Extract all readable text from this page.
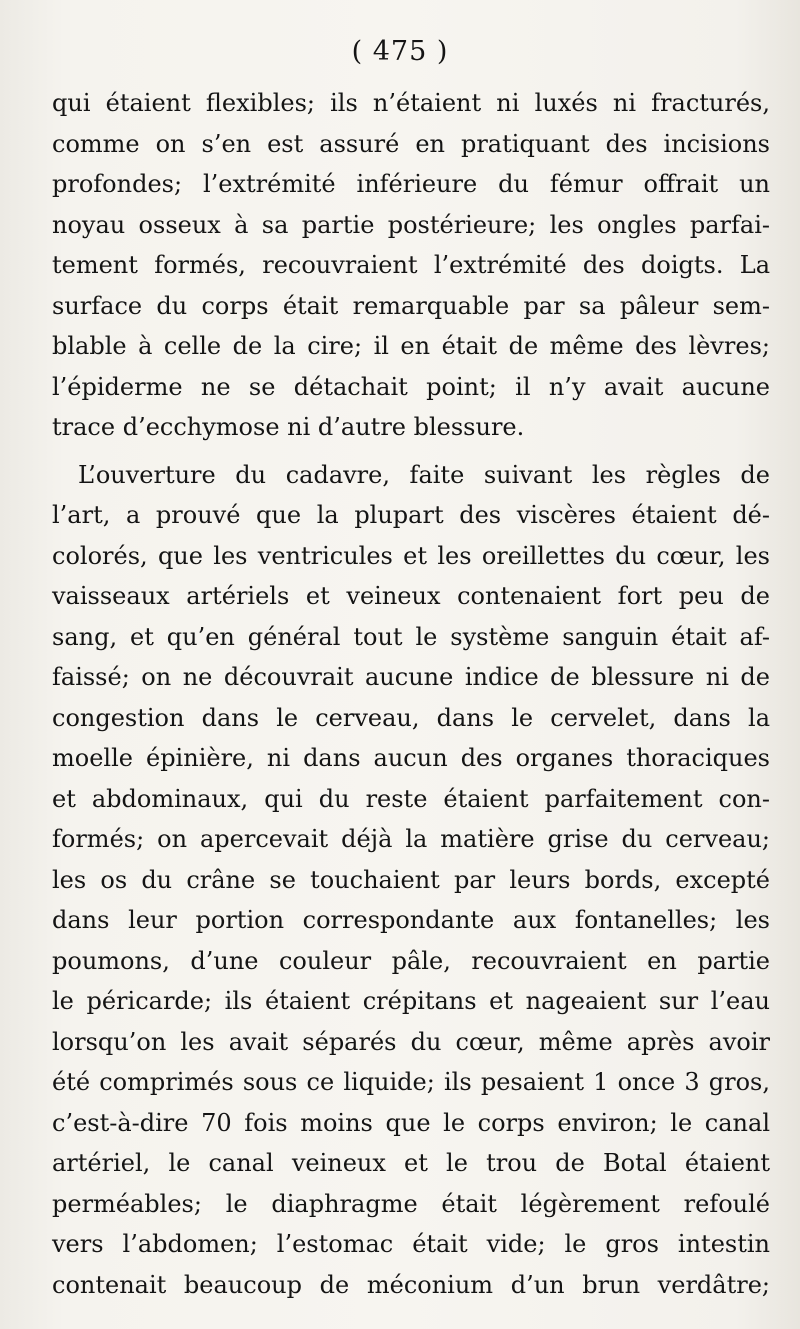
( 475 )
qui étaient flexibles; ils n’étaient ni luxés ni fracturés,
comme on s’en est assuré en pratiquant des incisions
profondes; l’extrémité inférieure du fémur offrait un
noyau osseux à sa partie postérieure; les ongles parfai-
tement formés, recouvraient l’extrémité des doigts. La
surface du corps était remarquable par sa pâleur sem-
blable à celle de la cire; il en était de même des lèvres;
l’épiderme ne se détachait point; il n’y avait aucune
trace d’ecchymose ni d’autre blessure.
L’ouverture du cadavre, faite suivant les règles de
l’art, a prouvé que la plupart des viscères étaient dé-
colorés, que les ventricules et les oreillettes du cœur, les
vaisseaux artériels et veineux contenaient fort peu de
sang, et qu’en général tout le système sanguin était af-
faissé; on ne découvrait aucune indice de blessure ni de
congestion dans le cerveau, dans le cervelet, dans la
moelle épinière, ni dans aucun des organes thoraciques
et abdominaux, qui du reste étaient parfaitement con-
formés; on apercevait déjà la matière grise du cerveau;
les os du crâne se touchaient par leurs bords, excepté
dans leur portion correspondante aux fontanelles; les
poumons, d’une couleur pâle, recouvraient en partie
le péricarde; ils étaient crépitans et nageaient sur l’eau
lorsqu’on les avait séparés du cœur, même après avoir
été comprimés sous ce liquide; ils pesaient 1 once 3 gros,
c’est-à-dire 70 fois moins que le corps environ; le canal
artériel, le canal veineux et le trou de Botal étaient
perméables; le diaphragme était légèrement refoulé
vers l’abdomen; l’estomac était vide; le gros intestin
contenait beaucoup de méconium d’un brun verdâtre;
